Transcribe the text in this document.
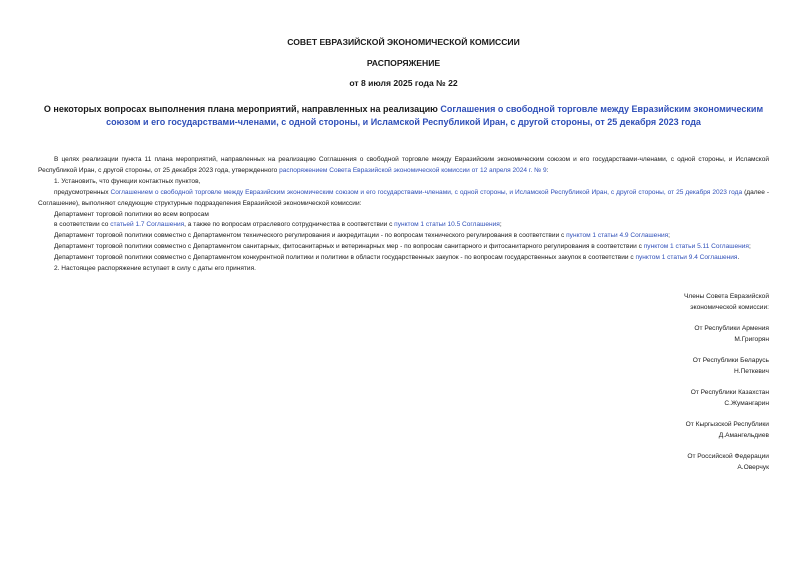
СОВЕТ ЕВРАЗИЙСКОЙ ЭКОНОМИЧЕСКОЙ КОМИССИИ
РАСПОРЯЖЕНИЕ
от 8 июля 2025 года № 22
О некоторых вопросах выполнения плана мероприятий, направленных на реализацию Соглашения о свободной торговле между Евразийским экономическим
союзом и его государствами-членами, с одной стороны, и Исламской Республикой Иран, с другой стороны, от 25 декабря 2023 года

В целях реализации пункта 11 плана мероприятий, направленных на реализацию Соглашения о свободной торговле между Евразийским экономическим союзом и его государствами-членами, с одной стороны, и Исламской Республикой Иран, с другой стороны, от 25 декабря 2023 года, утвержденного распоряжением Совета Евразийской экономической комиссии от 12 апреля 2024 г. № 9:

1. Установить, что функции контактных пунктов,

предусмотренных Соглашением о свободной торговле между Евразийским экономическим союзом и его государствами-членами, с одной стороны, и Исламской Республикой Иран, с другой стороны, от 25 декабря 2023 года (далее - Соглашение), выполняют следующие структурные подразделения Евразийской экономической комиссии:

Департамент торговой политики во всем вопросам

в соответствии со статьей 1.7 Соглашения, а также по вопросам отраслевого сотрудничества в соответствии с пунктом 1 статьи 10.5 Соглашения;

Департамент торговой политики совместно с Департаментом технического регулирования и аккредитации - по вопросам технического регулирования в соответствии с пунктом 1 статьи 4.9 Соглашения;

Департамент торговой политики совместно с Департаментом санитарных, фитосанитарных и ветеринарных мер - по вопросам санитарного и фитосанитарного регулирования в соответствии с пунктом 1 статьи 5.11 Соглашения;

Департамент торговой политики совместно с Департаментом конкурентной политики и политики в области государственных закупок - по вопросам государственных закупок в соответствии с пунктом 1 статьи 9.4 Соглашения.

2. Настоящее распоряжение вступает в силу с даты его принятия.

Члены Совета Евразийской
экономической комиссии:
От Республики Армения
М.Григорян
От Республики Беларусь
Н.Петкевич
От Республики Казахстан
С.Жумангарин
От Кыргызской Республики
Д.Амангельдиев
От Российской Федерации
А.Оверчук
